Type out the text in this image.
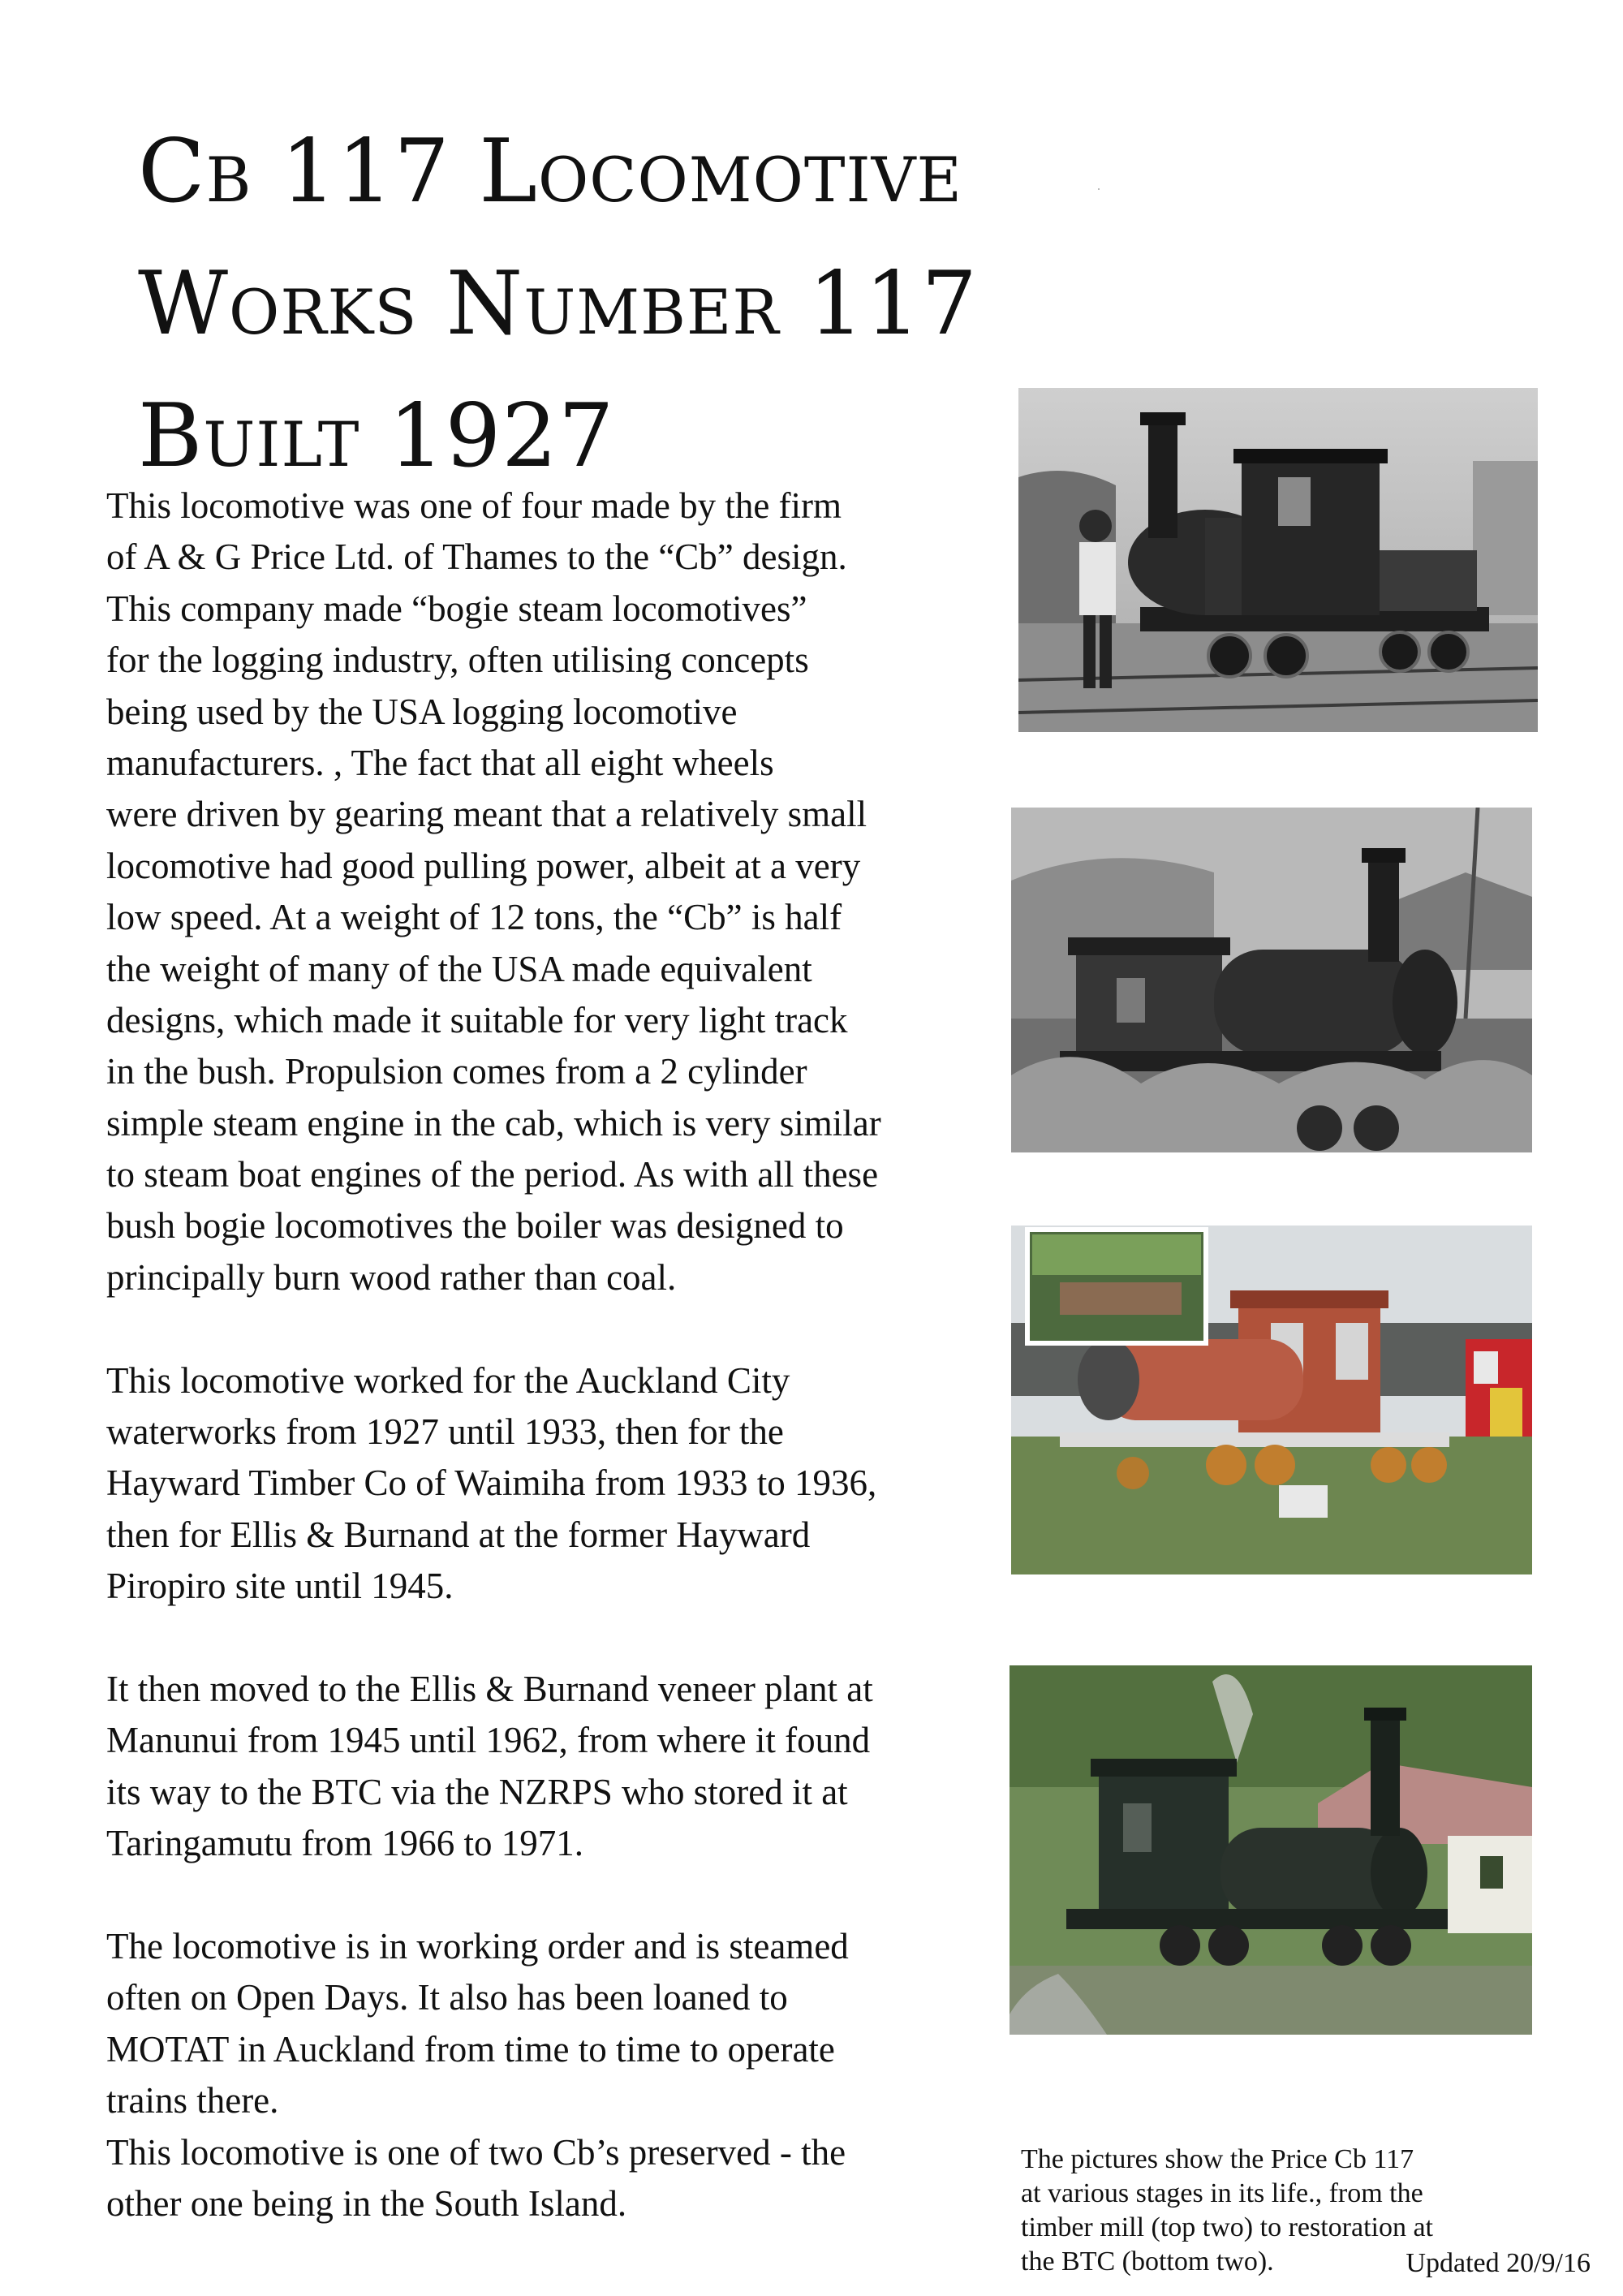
Cb 117 Locomotive
Works Number 117
Built 1927
This locomotive was one of four made by the firm
of A & G Price Ltd. of Thames to the “Cb” design.
This company made “bogie steam locomotives”
for the logging industry, often utilising concepts
being used by the USA logging locomotive
manufacturers. , The fact that all eight wheels
were driven by gearing meant that a relatively small
locomotive had good pulling power, albeit at a very
low speed. At a weight of 12 tons, the “Cb” is half
the weight of many of the USA made equivalent
designs, which made it suitable for very light track
in the bush. Propulsion comes from a 2 cylinder
simple steam engine in the cab, which is very similar
to steam boat engines of the period. As with all these
bush bogie locomotives the boiler was designed to
principally burn wood rather than coal.
This locomotive worked for the Auckland City
waterworks from 1927 until 1933, then for the
Hayward Timber Co of Waimiha from 1933 to 1936,
then for Ellis & Burnand at the former Hayward
Piropiro site until 1945.
It then moved to the Ellis & Burnand veneer plant at
Manunui from 1945 until 1962, from where it found
its way to the BTC via the NZRPS who stored it at
Taringamutu from 1966 to 1971.
The locomotive is in working order and is steamed
often on Open Days. It also has been loaned to
MOTAT in Auckland from time to time to operate
trains there.
This locomotive is one of two Cb’s preserved - the
other one being in the South Island.
The pictures show the Price Cb 117
at various stages in its life., from the
timber mill (top two) to restoration at
the BTC (bottom two).	Updated 20/9/16
